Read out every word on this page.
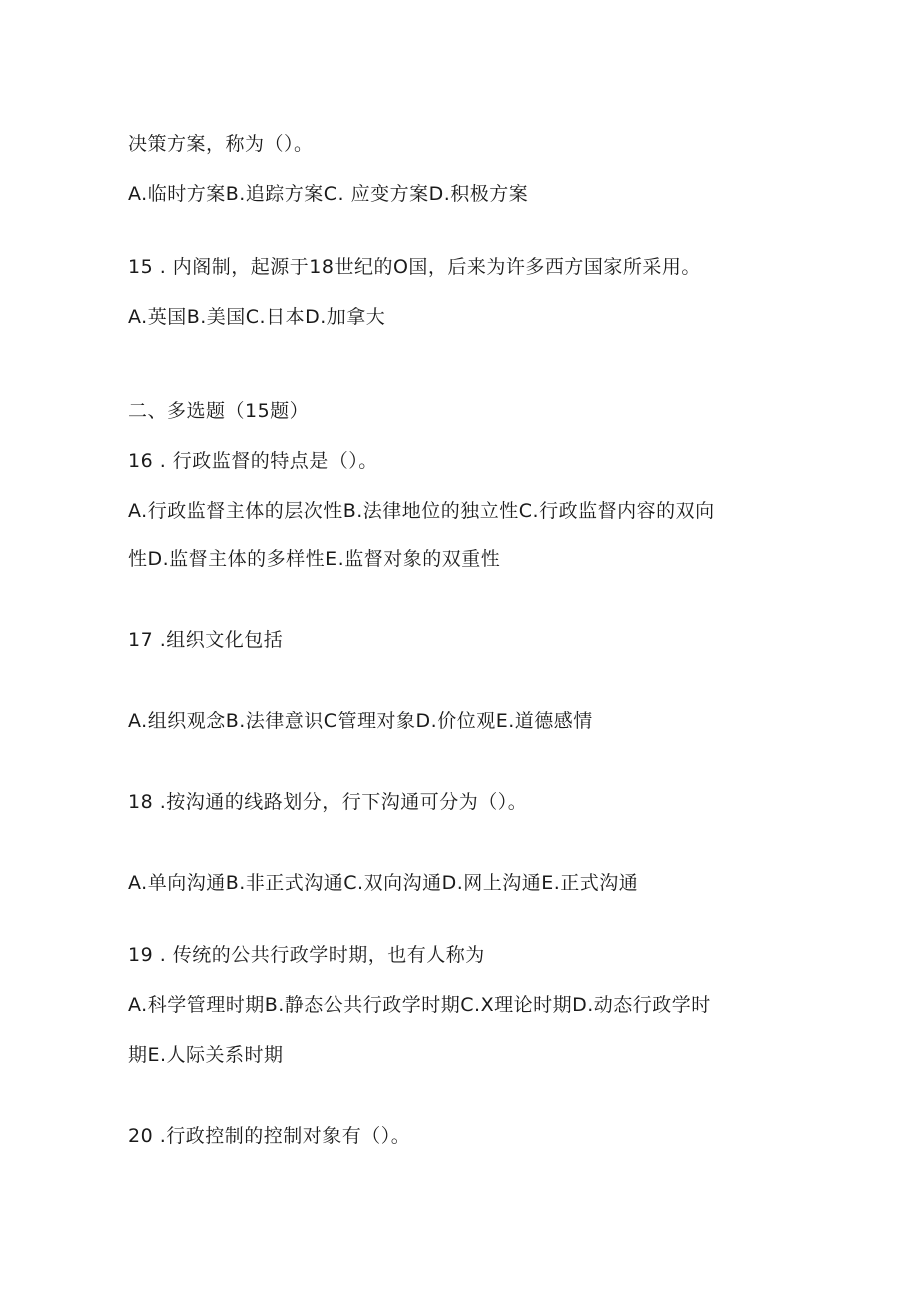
决策方案，称为（）。
A.临时方案B.追踪方案C. 应变方案D.积极方案
15 . 内阁制，起源于18世纪的O国，后来为许多西方国家所采用。
A.英国B.美国C.日本D.加拿大
二、多选题（15题）
16 . 行政监督的特点是（）。
A.行政监督主体的层次性B.法律地位的独立性C.行政监督内容的双向
性D.监督主体的多样性E.监督对象的双重性
17 .组织文化包括
A.组织观念B.法律意识C管理对象D.价位观E.道德感情
18 .按沟通的线路划分，行下沟通可分为（）。
A.单向沟通B.非正式沟通C.双向沟通D.网上沟通E.正式沟通
19 . 传统的公共行政学时期，也有人称为
A.科学管理时期B.静态公共行政学时期C.X理论时期D.动态行政学时
期E.人际关系时期
20 .行政控制的控制对象有（）。
